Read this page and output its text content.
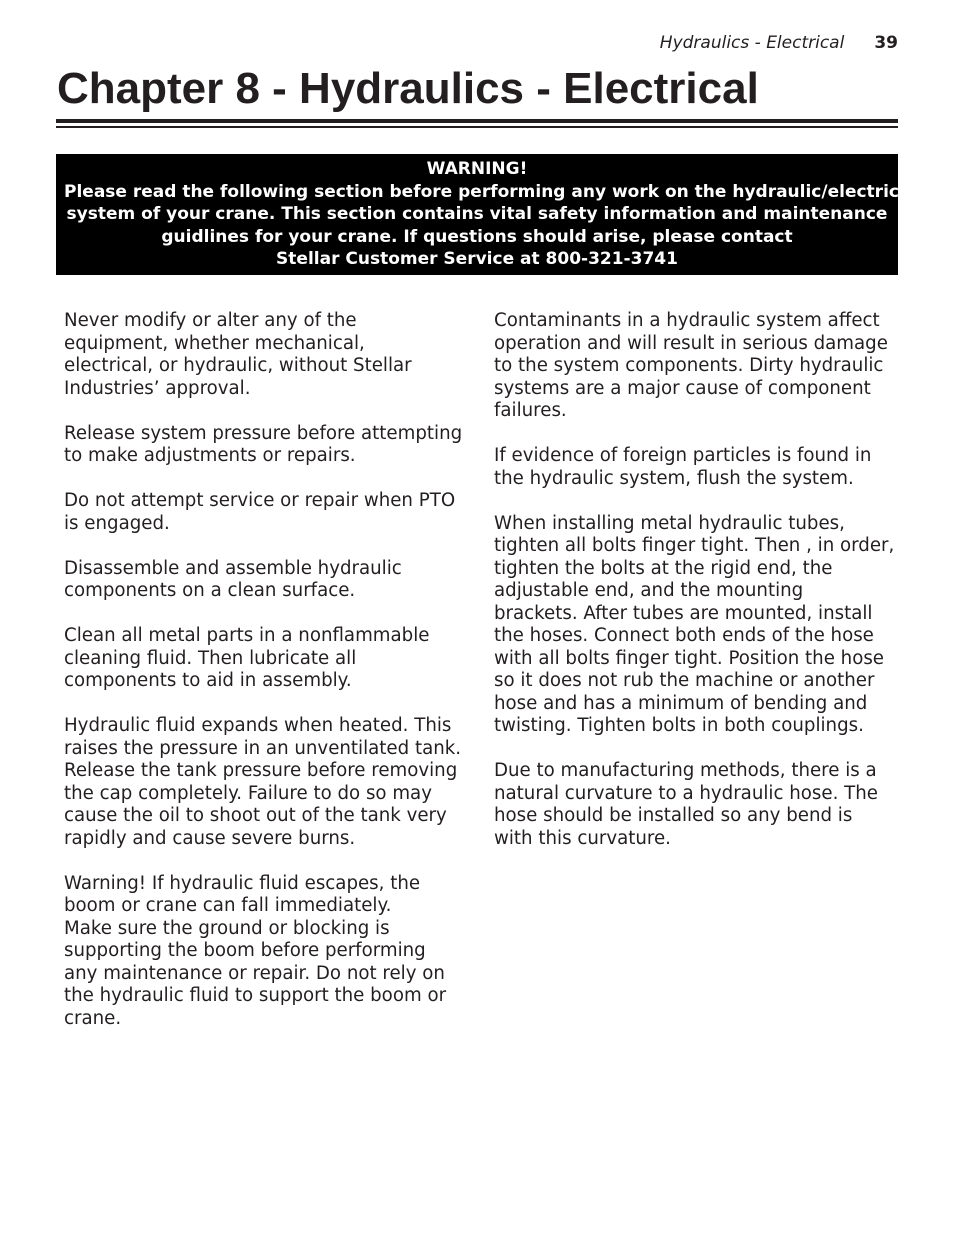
Hydraulics - Electrical 39
Chapter 8 - Hydraulics - Electrical
WARNING!
Please read the following section before performing any work on the hydraulic/electrical
system of your crane. This section contains vital safety information and maintenance
guidlines for your crane. If questions should arise, please contact
Stellar Customer Service at 800-321-3741

Never modify or alter any of the
equipment, whether mechanical,
electrical, or hydraulic, without Stellar
Industries’ approval.

Release system pressure before attempting
to make adjustments or repairs.

Do not attempt service or repair when PTO
is engaged.

Disassemble and assemble hydraulic
components on a clean surface.

Clean all metal parts in a nonflammable
cleaning fluid. Then lubricate all
components to aid in assembly.

Hydraulic fluid expands when heated. This
raises the pressure in an unventilated tank.
Release the tank pressure before removing
the cap completely. Failure to do so may
cause the oil to shoot out of the tank very
rapidly and cause severe burns.

Warning! If hydraulic fluid escapes, the
boom or crane can fall immediately.
Make sure the ground or blocking is
supporting the boom before performing
any maintenance or repair. Do not rely on
the hydraulic fluid to support the boom or
crane.

Contaminants in a hydraulic system affect
operation and will result in serious damage
to the system components. Dirty hydraulic
systems are a major cause of component
failures.

If evidence of foreign particles is found in
the hydraulic system, flush the system.

When installing metal hydraulic tubes,
tighten all bolts finger tight. Then , in order,
tighten the bolts at the rigid end, the
adjustable end, and the mounting
brackets. After tubes are mounted, install
the hoses. Connect both ends of the hose
with all bolts finger tight. Position the hose
so it does not rub the machine or another
hose and has a minimum of bending and
twisting. Tighten bolts in both couplings.

Due to manufacturing methods, there is a
natural curvature to a hydraulic hose. The
hose should be installed so any bend is
with this curvature.
